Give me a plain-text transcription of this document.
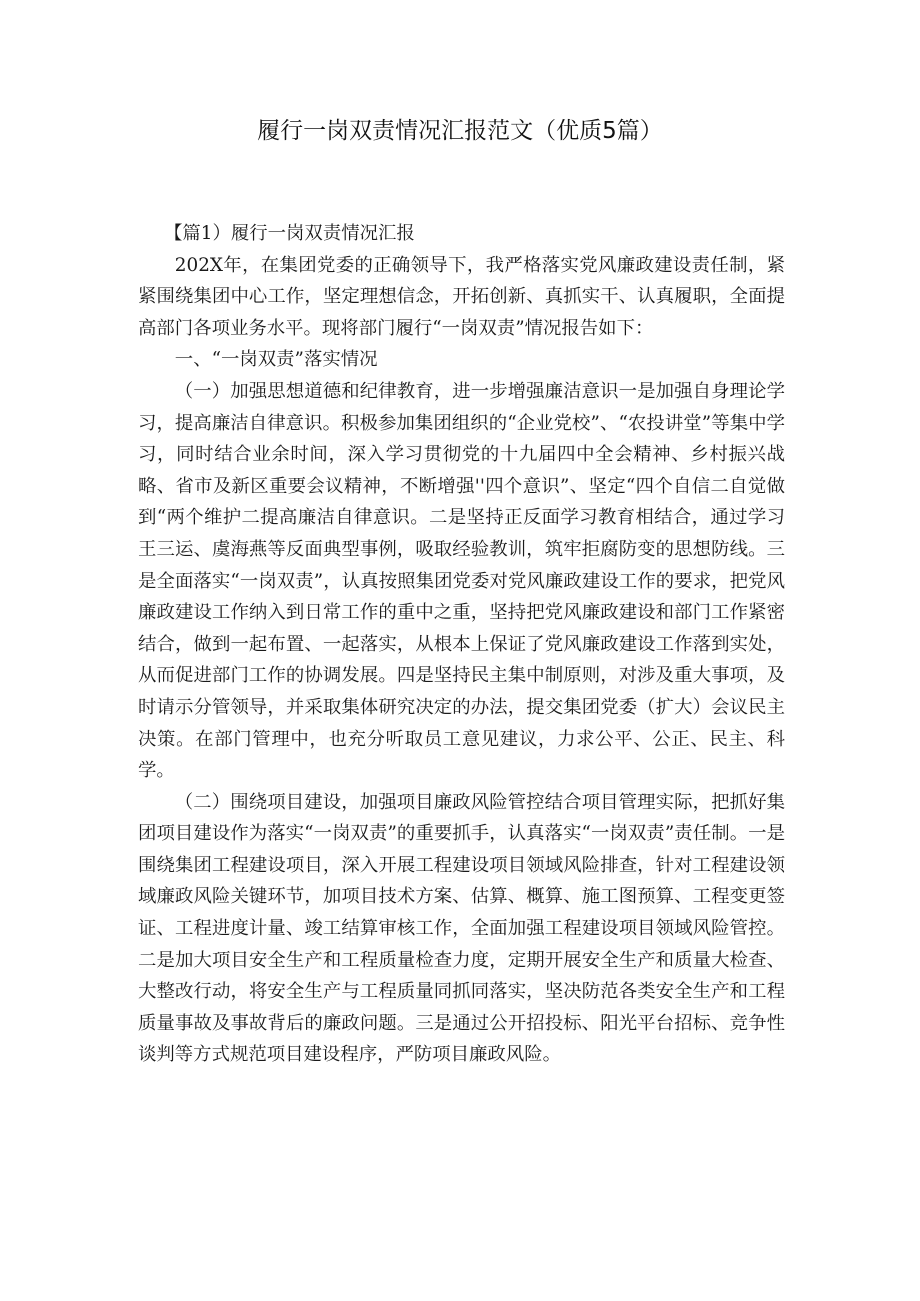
履行一岗双责情况汇报范文（优质5篇）

【篇1）履行一岗双责情况汇报

202X年，在集团党委的正确领导下，我严格落实党风廉政建设责任制，紧紧围绕集团中心工作，坚定理想信念，开拓创新、真抓实干、认真履职，全面提高部门各项业务水平。现将部门履行“一岗双责”情况报告如下：

一、“一岗双责”落实情况

（一）加强思想道德和纪律教育，进一步增强廉洁意识一是加强自身理论学习，提高廉洁自律意识。积极参加集团组织的“企业党校”、“农投讲堂”等集中学习，同时结合业余时间，深入学习贯彻党的十九届四中全会精神、乡村振兴战略、省市及新区重要会议精神，不断增强''四个意识”、坚定“四个自信二自觉做到“两个维护二提高廉洁自律意识。二是坚持正反面学习教育相结合，通过学习王三运、虞海燕等反面典型事例，吸取经验教训，筑牢拒腐防变的思想防线。三是全面落实“一岗双责”，认真按照集团党委对党风廉政建设工作的要求，把党风廉政建设工作纳入到日常工作的重中之重，坚持把党风廉政建设和部门工作紧密结合，做到一起布置、一起落实，从根本上保证了党风廉政建设工作落到实处，从而促进部门工作的协调发展。四是坚持民主集中制原则，对涉及重大事项，及时请示分管领导，并采取集体研究决定的办法，提交集团党委（扩大）会议民主决策。在部门管理中，也充分听取员工意见建议，力求公平、公正、民主、科学。

（二）围绕项目建设，加强项目廉政风险管控结合项目管理实际，把抓好集团项目建设作为落实“一岗双责”的重要抓手，认真落实“一岗双责”责任制。一是围绕集团工程建设项目，深入开展工程建设项目领域风险排查，针对工程建设领域廉政风险关键环节，加项目技术方案、估算、概算、施工图预算、工程变更签证、工程进度计量、竣工结算审核工作，全面加强工程建设项目领域风险管控。二是加大项目安全生产和工程质量检查力度，定期开展安全生产和质量大检查、大整改行动，将安全生产与工程质量同抓同落实，坚决防范各类安全生产和工程质量事故及事故背后的廉政问题。三是通过公开招投标、阳光平台招标、竞争性谈判等方式规范项目建设程序，严防项目廉政风险。
